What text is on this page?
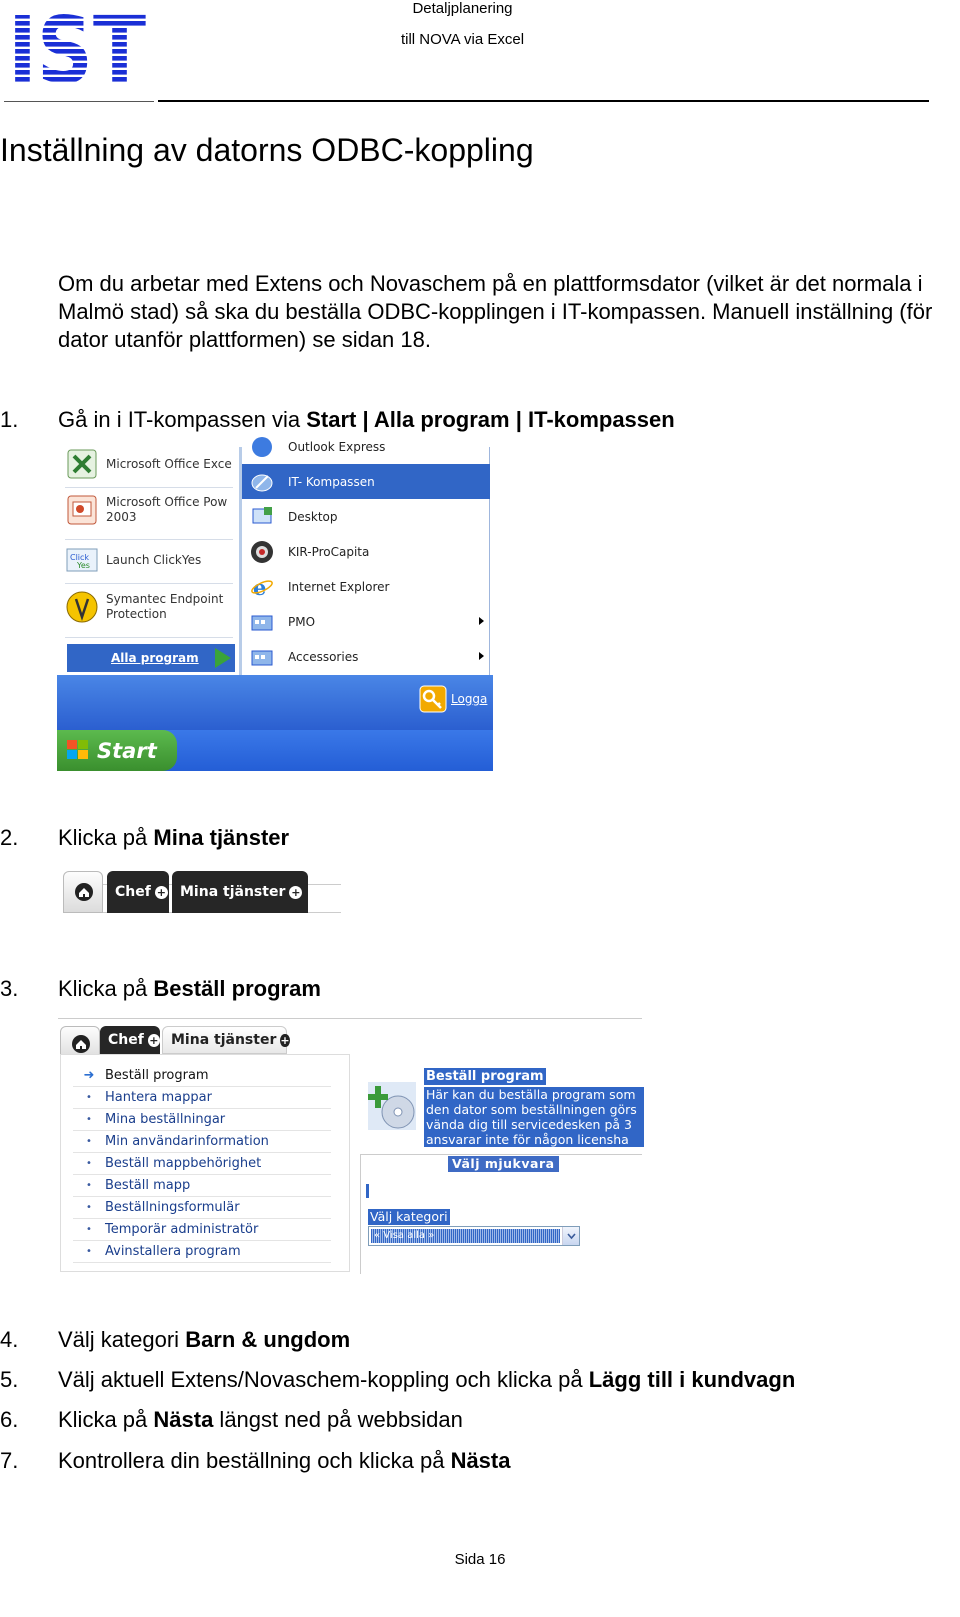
Detaljplanering
till NOVA via Excel
Inställning av datorns ODBC-koppling

Om du arbetar med Extens och Novaschem på en plattformsdator (vilket är det normala i Malmö stad) så ska du beställa ODBC-kopplingen i IT-kompassen. Manuell inställning (för dator utanför plattformen) se sidan 18.

1. Gå in i IT-kompassen via Start | Alla program | IT-kompassen
Microsoft Office Exce
Microsoft Office Pow
2003
Click
Yes Launch ClickYes
Symantec Endpoint
Protection
Alla program
Outlook Express
IT- Kompassen
Desktop
KIR-ProCapita
e Internet Explorer
PMO
Accessories
Logga
Start
2. Klicka på Mina tjänster
Chef + Mina tjänster +
3. Klicka på Beställ program
Chef + Mina tjänster +
➜ Beställ program
•	Hantera mappar
•	Mina beställningar
•	Min användarinformation
•	Beställ mappbehörighet
•	Beställ mapp
•	Beställningsformulär
•	Temporär administratör
•	Avinstallera program
Beställ program
Här kan du beställa program som
den dator som beställningen görs
vända dig till servicedesken på 3
ansvarar inte för någon licensha
Välj mjukvara
Välj kategori
« Visa alla »
4. Välj kategori Barn & ungdom
5. Välj aktuell Extens/Novaschem-koppling och klicka på Lägg till i kundvagn
6. Klicka på Nästa längst ned på webbsidan
7. Kontrollera din beställning och klicka på Nästa
Sida 16
